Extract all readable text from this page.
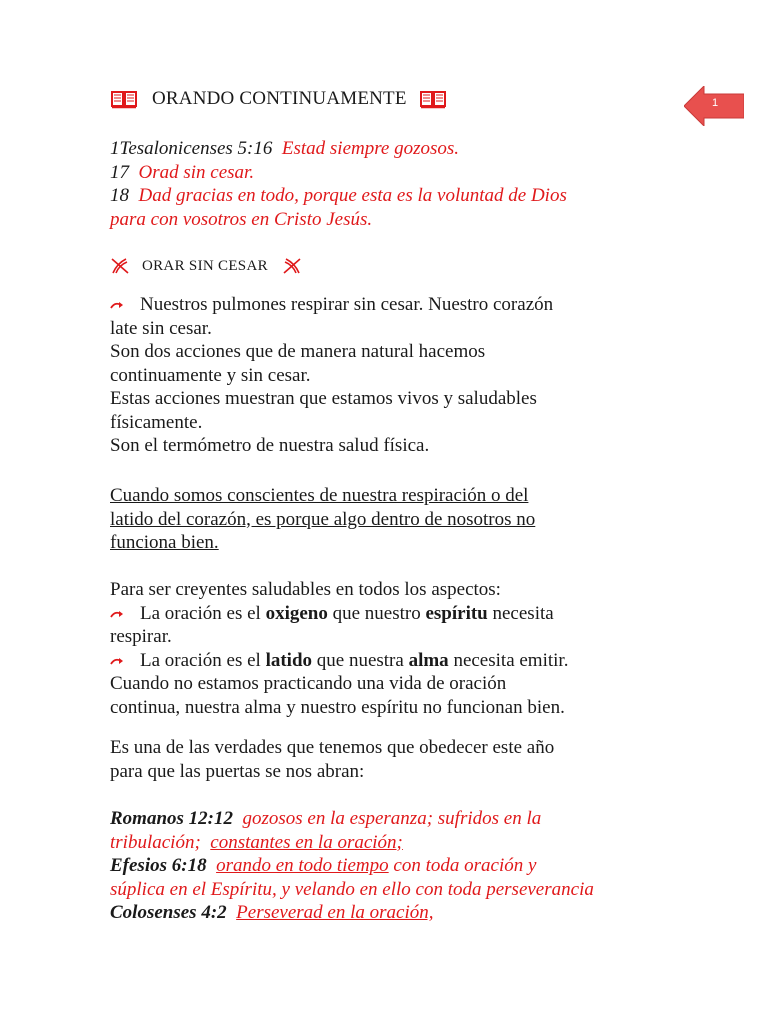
1
ORANDO CONTINUAMENTE
1Tesalonicenses 5:16 Estad siempre gozosos.
17 Orad sin cesar.
18 Dad gracias en todo, porque esta es la voluntad de Dios
para con vosotros en Cristo Jesús.
ORAR SIN CESAR
Nuestros pulmones respirar sin cesar. Nuestro corazón
late sin cesar.
Son dos acciones que de manera natural hacemos
continuamente y sin cesar.
Estas acciones muestran que estamos vivos y saludables
físicamente.
Son el termómetro de nuestra salud física.
Cuando somos conscientes de nuestra respiración o del
latido del corazón, es porque algo dentro de nosotros no
funciona bien.
Para ser creyentes saludables en todos los aspectos:
La oración es el oxigeno que nuestro espíritu necesita
respirar.
La oración es el latido que nuestra alma necesita emitir.
Cuando no estamos practicando una vida de oración
continua, nuestra alma y nuestro espíritu no funcionan bien.
Es una de las verdades que tenemos que obedecer este año
para que las puertas se nos abran:
Romanos 12:12 gozosos en la esperanza; sufridos en la
tribulación; constantes en la oración;
Efesios 6:18 orando en todo tiempo con toda oración y
súplica en el Espíritu, y velando en ello con toda perseverancia
Colosenses 4:2 Perseverad en la oración,
